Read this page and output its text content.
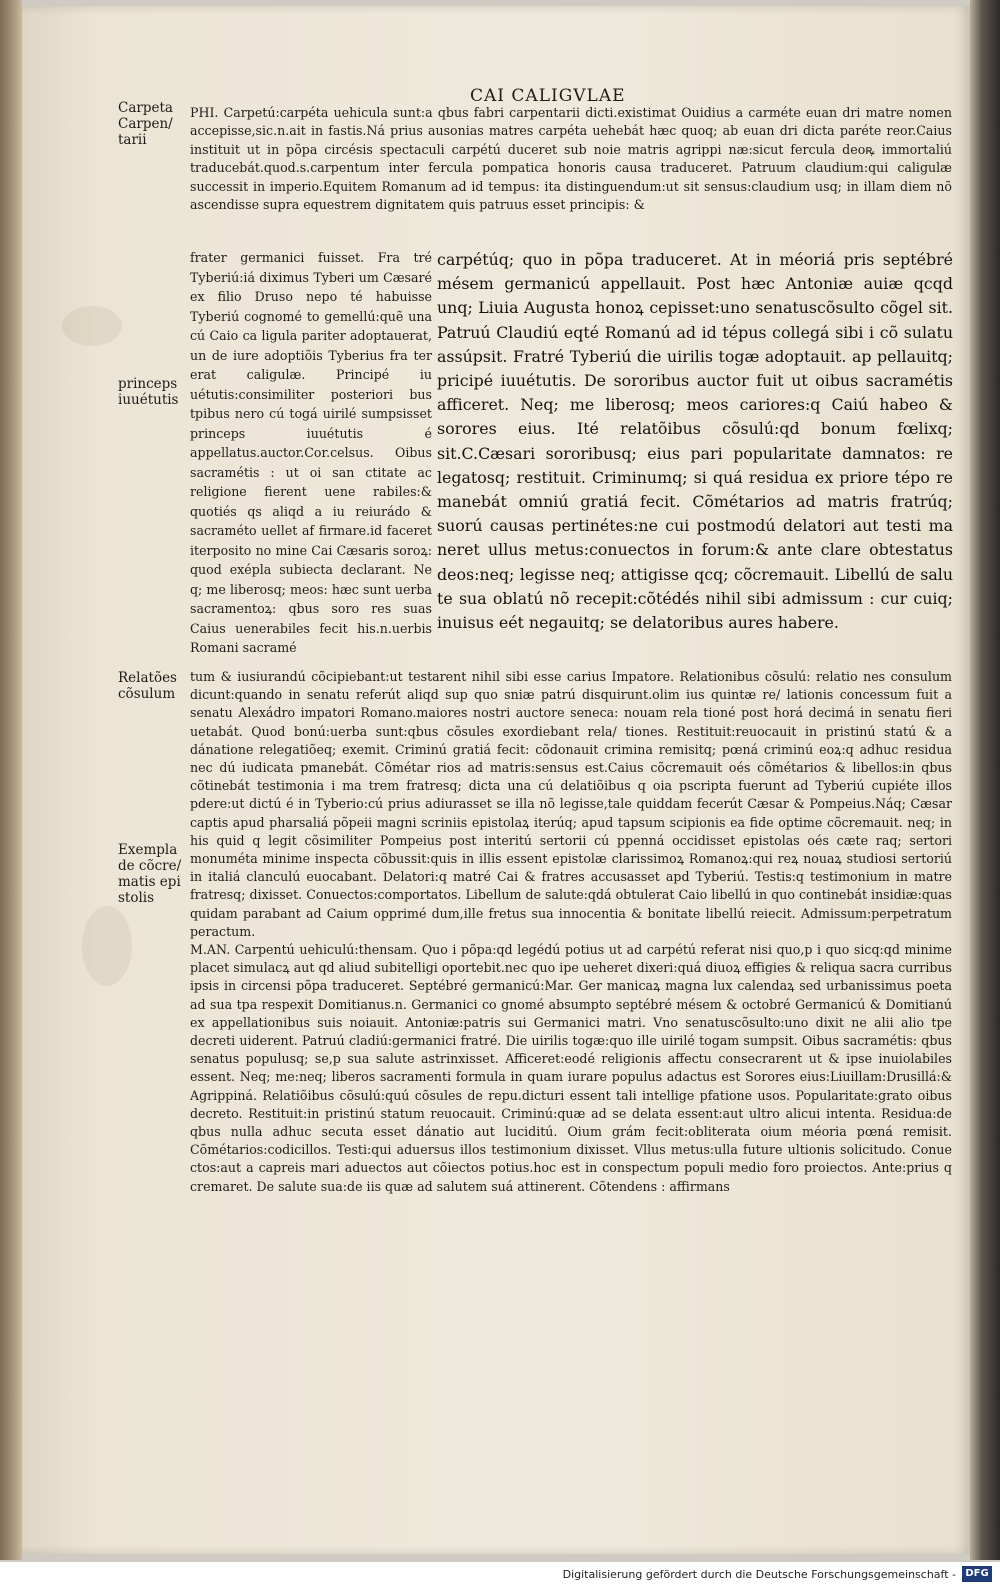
CAI CALIGVLAE
Carpeta
Carpen/
tarii
princeps
iuuétutis
Relatões
cõsulum
Exempla
de cõcre/
matis epi
stolis

PHI. Carpetú:carpéta uehicula sunt:a qbus fabri carpentarii dicti.existimat Ouidius a carméte euan dri matre nomen accepisse,sic.n.ait in fastis.Ná prius ausonias matres carpéta uehebát hæc quoq; ab euan dri dicta paréte reor.Caius instituit ut in põpa circésis spectaculi carpétú duceret sub noie matris agrippi næ:sicut fercula deoꝶ immortaliú traducebát.quod.s.carpentum inter fercula pompatica honoris causa traduceret. Patruum claudium:qui caligulæ successit in imperio.Equitem Romanum ad id tempus: ita distinguendum:ut sit sensus:claudium usq; in illam diem nõ ascendisse supra equestrem dignitatem quis patruus esset principis: &

frater germanici fuisset. Fra tré Tyberiú:iá diximus Tyberi um Cæsaré ex filio Druso nepo té habuisse Tyberiú cognomé to gemellú:quẽ una cú Caio ca ligula pariter adoptauerat, un de iure adoptiõis Tyberius fra ter erat caligulæ. Principé iu uétutis:consimiliter posteriori bus tpibus nero cú togá uirilé sumpsisset princeps iuuétutis é appellatus.auctor.Cor.celsus. Oibus sacramétis : ut oi san ctitate ac religione fierent uene rabiles:& quotiés qs aliqd a iu reiurádo & sacraméto uellet af firmare.id faceret iterposito no mine Cai Cæsaris soroꝝ: quod exépla subiecta declarant. Ne q; me liberosq; meos: hæc sunt uerba sacramentoꝝ: qbus soro res suas Caius uenerabiles fecit his.n.uerbis Romani sacramé

carpétúq; quo in põpa traduceret. At in méoriá pris septébré mésem germanicú appellauit. Post hæc Antoniæ auiæ qcqd unq; Liuia Augusta honoꝝ cepisset:uno senatuscõsulto cõgel sit. Patruú Claudiú eqté Romanú ad id tépus collegá sibi i cõ sulatu assúpsit. Fratré Tyberiú die uirilis togæ adoptauit. ap pellauitq; pricipé iuuétutis. De sororibus auctor fuit ut oibus sacramétis afficeret. Neq; me liberosq; meos cariores:q Caiú habeo & sorores eius. Ité relatõibus cõsulú:qd bonum fœlixq; sit.C.Cæsari sororibusq; eius pari popularitate damnatos: re legatosq; restituit. Criminumq; si quá residua ex priore tépo re manebát omniú gratiá fecit. Cõmétarios ad matris fratrúq; suorú causas pertinétes:ne cui postmodú delatori aut testi ma neret ullus metus:conuectos in forum:& ante clare obtestatus deos:neq; legisse neq; attigisse qcq; cõcremauit. Libellú de salu te sua oblatú nõ recepit:cõtédés nihil sibi admissum : cur cuiq; inuisus eét negauitq; se delatoribus aures habere.

tum & iusiurandú cõcipiebant:ut testarent nihil sibi esse carius Impatore. Relationibus cõsulú: relatio nes consulum dicunt:quando in senatu referút aliqd sup quo sniæ patrú disquirunt.olim ius quintæ re/ lationis concessum fuit a senatu Alexádro impatori Romano.maiores nostri auctore seneca: nouam rela tioné post horá decimá in senatu fieri uetabát. Quod bonú:uerba sunt:qbus cõsules exordiebant rela/ tiones. Restituit:reuocauit in pristinú statú & a dánatione relegatiõeq; exemit. Criminú gratiá fecit: cõdonauit crimina remisitq; pœná criminú eoꝝ:q adhuc residua nec dú iudicata pmanebát. Cõmétar rios ad matris:sensus est.Caius cõcremauit oés cõmétarios & libellos:in qbus cõtinebát testimonia i ma trem fratresq; dicta una cú delatiõibus q oia pscripta fuerunt ad Tyberiú cupiéte illos pdere:ut dictú é in Tyberio:cú prius adiurasset se illa nõ legisse,tale quiddam fecerút Cæsar & Pompeius.Náq; Cæsar captis apud pharsaliá põpeii magni scriniis epistolaꝝ iterúq; apud tapsum scipionis ea fide optime cõcremauit. neq; in his quid q legit cõsimiliter Pompeius post interitú sertorii cú ppenná occidisset epistolas oés cæte raq; sertori monuméta minime inspecta cõbussit:quis in illis essent epistolæ clarissimoꝝ Romanoꝝ:qui reꝝ nouaꝝ studiosi sertoriú in italiá clanculú euocabant. Delatori:q matré Cai & fratres accusasset apd Tyberiú. Testis:q testimonium in matre fratresq; dixisset. Conuectos:comportatos. Libellum de salute:qdá obtulerat Caio libellú in quo continebát insidiæ:quas quidam parabant ad Caium opprimé dum,ille fretus sua innocentia & bonitate libellú reiecit. Admissum:perpetratum peractum.

M.AN. Carpentú uehiculú:thensam. Quo i põpa:qd legédú potius ut ad carpétú referat nisi quo,p i quo sicq:qd minime placet simulacꝝ aut qd aliud subitelligi oportebit.nec quo ipe ueheret dixeri:quá diuoꝝ effigies & reliqua sacra curribus ipsis in circensi põpa traduceret. Septébré germanicú:Mar. Ger manicaꝝ magna lux calendaꝝ sed urbanissimus poeta ad sua tpa respexit Domitianus.n. Germanici co gnomé absumpto septébré mésem & octobré Germanicú & Domitianú ex appellationibus suis noiauit. Antoniæ:patris sui Germanici matri. Vno senatuscõsulto:uno dixit ne alii alio tpe decreti uiderent. Patruú cladiú:germanici fratré. Die uirilis togæ:quo ille uirilé togam sumpsit. Oibus sacramétis: qbus senatus populusq; se,p sua salute astrinxisset. Afficeret:eodé religionis affectu consecrarent ut & ipse inuiolabiles essent. Neq; me:neq; liberos sacramenti formula in quam iurare populus adactus est Sorores eius:Liuillam:Drusillá:& Agrippiná. Relatiõibus cõsulú:quú cõsules de repu.dicturi essent tali intellige pfatione usos. Popularitate:grato oibus decreto. Restituit:in pristinú statum reuocauit. Criminú:quæ ad se delata essent:aut ultro alicui intenta. Residua:de qbus nulla adhuc secuta esset dánatio aut luciditú. Oium grám fecit:obliterata oium méoria pœná remisit. Cõmétarios:codicillos. Testi:qui aduersus illos testimonium dixisset. Vllus metus:ulla future ultionis solicitudo. Conue ctos:aut a capreis mari aduectos aut cõiectos potius.hoc est in conspectum populi medio foro proiectos. Ante:prius q cremaret. De salute sua:de iis quæ ad salutem suá attinerent. Cõtendens : affirmans

Digitalisierung gefördert durch die Deutsche Forschungsgemeinschaft - DFG
